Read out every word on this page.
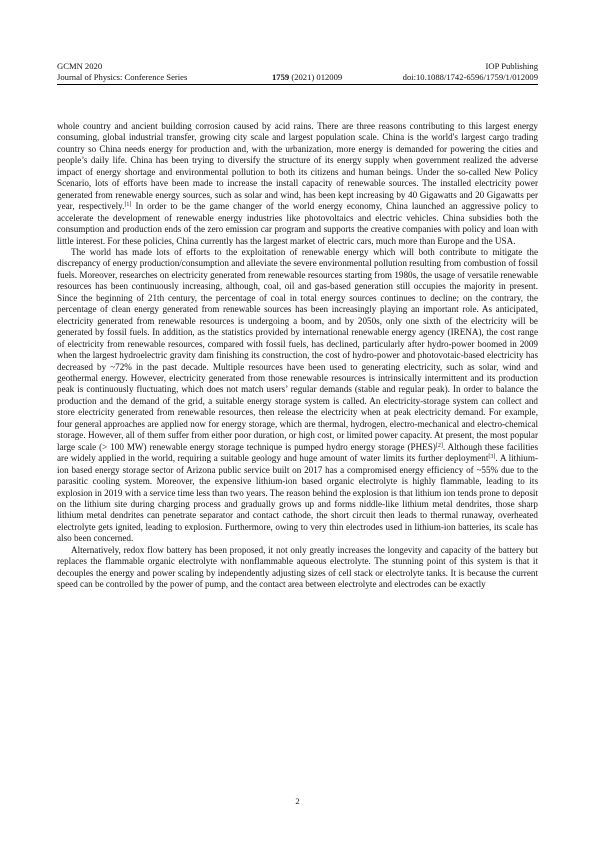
GCMN 2020	IOP Publishing
Journal of Physics: Conference Series	1759 (2021) 012009	doi:10.1088/1742-6596/1759/1/012009

whole country and ancient building corrosion caused by acid rains. There are three reasons contributing to this largest energy consuming, global industrial transfer, growing city scale and largest population scale. China is the world's largest cargo trading country so China needs energy for production and, with the urbanization, more energy is demanded for powering the cities and people’s daily life. China has been trying to diversify the structure of its energy supply when government realized the adverse impact of energy shortage and environmental pollution to both its citizens and human beings. Under the so-called New Policy Scenario, lots of efforts have been made to increase the install capacity of renewable sources. The installed electricity power generated from renewable energy sources, such as solar and wind, has been kept increasing by 40 Gigawatts and 20 Gigawatts per year, respectively.[1] In order to be the game changer of the world energy economy, China launched an aggressive policy to accelerate the development of renewable energy industries like photovoltaics and electric vehicles. China subsidies both the consumption and production ends of the zero emission car program and supports the creative companies with policy and loan with little interest. For these policies, China currently has the largest market of electric cars, much more than Europe and the USA.

The world has made lots of efforts to the exploitation of renewable energy which will both contribute to mitigate the discrepancy of energy production/consumption and alleviate the severe environmental pollution resulting from combustion of fossil fuels. Moreover, researches on electricity generated from renewable resources starting from 1980s, the usage of versatile renewable resources has been continuously increasing, although, coal, oil and gas-based generation still occupies the majority in present. Since the beginning of 21th century, the percentage of coal in total energy sources continues to decline; on the contrary, the percentage of clean energy generated from renewable sources has been increasingly playing an important role. As anticipated, electricity generated from renewable resources is undergoing a boom, and by 2050s, only one sixth of the electricity will be generated by fossil fuels. In addition, as the statistics provided by international renewable energy agency (IRENA), the cost range of electricity from renewable resources, compared with fossil fuels, has declined, particularly after hydro-power boomed in 2009 when the largest hydroelectric gravity dam finishing its construction, the cost of hydro-power and photovotaic-based electricity has decreased by ~72% in the past decade. Multiple resources have been used to generating electricity, such as solar, wind and geothermal energy. However, electricity generated from those renewable resources is intrinsically intermittent and its production peak is continuously fluctuating, which does not match users’ regular demands (stable and regular peak). In order to balance the production and the demand of the grid, a suitable energy storage system is called. An electricity-storage system can collect and store electricity generated from renewable resources, then release the electricity when at peak electricity demand. For example, four general approaches are applied now for energy storage, which are thermal, hydrogen, electro-mechanical and electro-chemical storage. However, all of them suffer from either poor duration, or high cost, or limited power capacity. At present, the most popular large scale (> 100 MW) renewable energy storage technique is pumped hydro energy storage (PHES)[2]. Although these facilities are widely applied in the world, requiring a suitable geology and huge amount of water limits its further deployment[3]. A lithium-ion based energy storage sector of Arizona public service built on 2017 has a compromised energy efficiency of ~55% due to the parasitic cooling system. Moreover, the expensive lithium-ion based organic electrolyte is highly flammable, leading to its explosion in 2019 with a service time less than two years. The reason behind the explosion is that lithium ion tends prone to deposit on the lithium site during charging process and gradually grows up and forms niddle-like lithium metal dendrites, those sharp lithium metal dendrites can penetrate separator and contact cathode, the short circuit then leads to thermal runaway, overheated electrolyte gets ignited, leading to explosion. Furthermore, owing to very thin electrodes used in lithium-ion batteries, its scale has also been concerned.

Alternatively, redox flow battery has been proposed, it not only greatly increases the longevity and capacity of the battery but replaces the flammable organic electrolyte with nonflammable aqueous electrolyte. The stunning point of this system is that it decouples the energy and power scaling by independently adjusting sizes of cell stack or electrolyte tanks. It is because the current speed can be controlled by the power of pump, and the contact area between electrolyte and electrodes can be exactly

2
